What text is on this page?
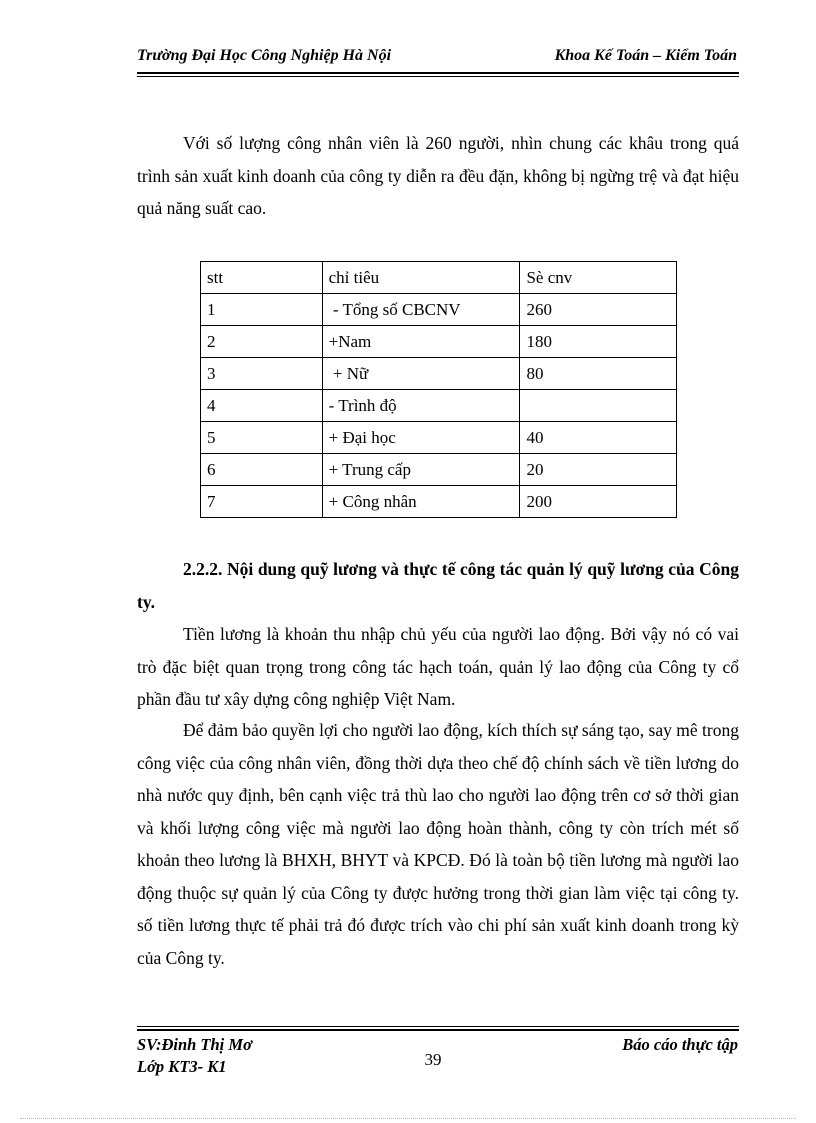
Trường Đại Học Công Nghiệp Hà Nội	Khoa Kế Toán – Kiểm Toán

Với số lượng công nhân viên là 260 người, nhìn chung các khâu trong quá trình sản xuất kinh doanh của công ty diễn ra đều đặn, không bị ngừng trệ và đạt hiệu quả năng suất cao.

stt	chỉ tiêu	Sè cnv
1	- Tổng số CBCNV	260
2	+Nam	180
3	+ Nữ	80
4	- Trình độ	
5	+ Đại học	40
6	+ Trung cấp	20
7	+ Công nhân	200

2.2.2. Nội dung quỹ lương và thực tế công tác quản lý quỹ lương của Công ty.

Tiền lương là khoản thu nhập chủ yếu của người lao động. Bởi vậy nó có vai trò đặc biệt quan trọng trong công tác hạch toán, quản lý lao động của Công ty cổ phần đầu tư xây dựng công nghiệp Việt Nam.

Để đảm bảo quyền lợi cho người lao động, kích thích sự sáng tạo, say mê trong công việc của công nhân viên, đồng thời dựa theo chế độ chính sách về tiền lương do nhà nước quy định, bên cạnh việc trả thù lao cho người lao động trên cơ sở thời gian và khối lượng công việc mà người lao động hoàn thành, công ty còn trích mét số khoản theo lương là BHXH, BHYT và KPCĐ. Đó là toàn bộ tiền lương mà người lao động thuộc sự quản lý của Công ty được hưởng trong thời gian làm việc tại công ty. số tiền lương thực tế phải trả đó được trích vào chi phí sản xuất kinh doanh trong kỳ của Công ty.

SV:Đinh Thị Mơ
Lớp KT3- K1	39
Báo cáo thực tập
